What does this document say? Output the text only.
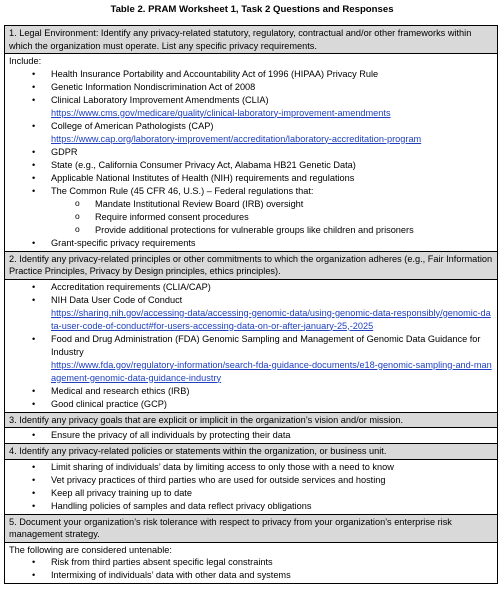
Table 2. PRAM Worksheet 1, Task 2 Questions and Responses
1. Legal Environment: Identify any privacy-related statutory, regulatory, contractual and/or other frameworks within which the organization must operate. List any specific privacy requirements.

Include:

• Health Insurance Portability and Accountability Act of 1996 (HIPAA) Privacy Rule
• Genetic Information Nondiscrimination Act of 2008
• Clinical Laboratory Improvement Amendments (CLIA)
https://www.cms.gov/medicare/quality/clinical-laboratory-improvement-amendments
• College of American Pathologists (CAP)
https://www.cap.org/laboratory-improvement/accreditation/laboratory-accreditation-program
• GDPR
• State (e.g., California Consumer Privacy Act, Alabama HB21 Genetic Data)
• Applicable National Institutes of Health (NIH) requirements and regulations
• The Common Rule (45 CFR 46, U.S.) – Federal regulations that:
o Mandate Institutional Review Board (IRB) oversight
o Require informed consent procedures
o Provide additional protections for vulnerable groups like children and prisoners
• Grant-specific privacy requirements
2. Identify any privacy-related principles or other commitments to which the organization adheres (e.g., Fair Information Practice Principles, Privacy by Design principles, ethics principles).
• Accreditation requirements (CLIA/CAP)
• NIH Data User Code of Conduct
https://sharing.nih.gov/accessing-data/accessing-genomic-data/using-genomic-data-responsibly/genomic-data-user-code-of-conduct#for-users-accessing-data-on-or-after-january-25,-2025
• Food and Drug Administration (FDA) Genomic Sampling and Management of Genomic Data Guidance for Industry
https://www.fda.gov/regulatory-information/search-fda-guidance-documents/e18-genomic-sampling-and-management-genomic-data-guidance-industry
• Medical and research ethics (IRB)
• Good clinical practice (GCP)
3. Identify any privacy goals that are explicit or implicit in the organization’s vision and/or mission.
• Ensure the privacy of all individuals by protecting their data
4. Identify any privacy-related policies or statements within the organization, or business unit.
• Limit sharing of individuals’ data by limiting access to only those with a need to know
• Vet privacy practices of third parties who are used for outside services and hosting
• Keep all privacy training up to date
• Handling policies of samples and data reflect privacy obligations
5. Document your organization’s risk tolerance with respect to privacy from your organization’s enterprise risk management strategy.

The following are considered untenable:

• Risk from third parties absent specific legal constraints
• Intermixing of individuals’ data with other data and systems
